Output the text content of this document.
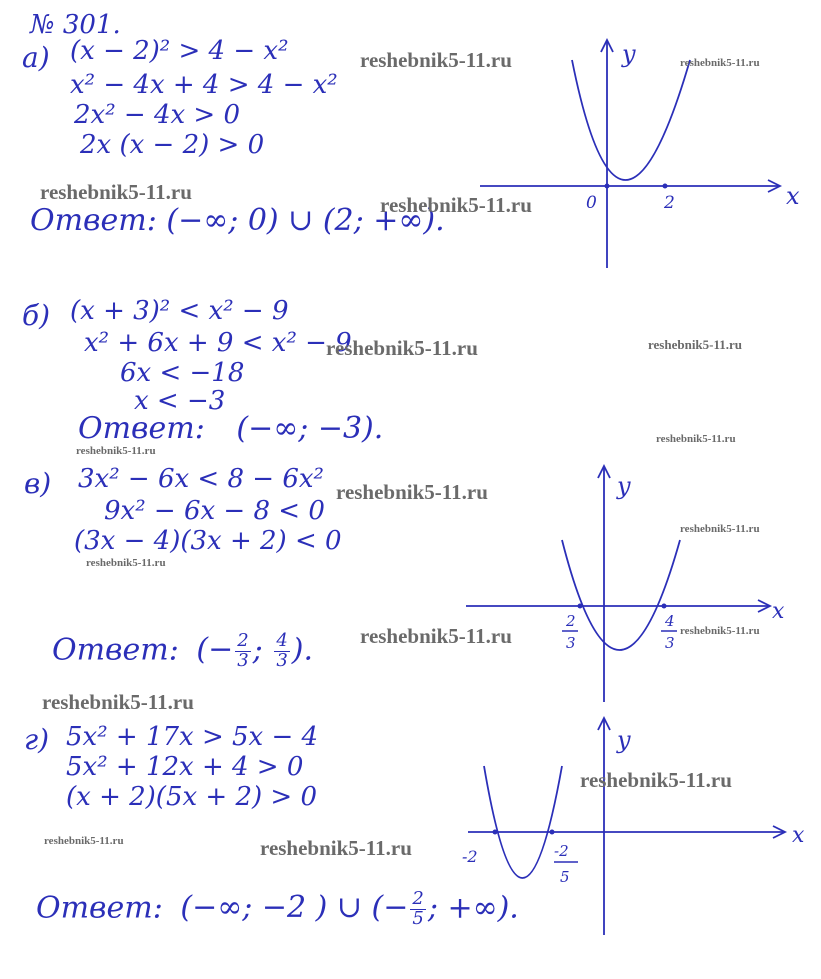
№ 301.
а) (x − 2)² > 4 − x²
x² − 4x + 4 > 4 − x²
2x² − 4x > 0
2x (x − 2) > 0
Ответ: (−∞; 0) ∪ (2; +∞).
y
x
0	2
б) (x + 3)² < x² − 9
x² + 6x + 9 < x² − 9
6x < −18
x < −3
Ответ: (−∞; −3).
в) 3x² − 6x < 8 − 6x²
9x² − 6x − 8 < 0
(3x − 4)(3x + 2) < 0
Ответ: (− $\frac{2}{3}$ ; $\frac{4}{3}$ ).
y
x
2
3
4
3
г) 5x² + 17x > 5x − 4
5x² + 12x + 4 > 0
(x + 2)(5x + 2) > 0
Ответ: (−∞; −2 ) ∪ (− $\frac{2}{5}$ ; +∞).
y
x
-2	-2
5
reshebnik5-11.ru	reshebnik5-11.ru
reshebnik5-11.ru
reshebnik5-11.ru
reshebnik5-11.ru	reshebnik5-11.ru
reshebnik5-11.ru
reshebnik5-11.ru
reshebnik5-11.ru
reshebnik5-11.ru
reshebnik5-11.ru
reshebnik5-11.ru	reshebnik5-11.ru
reshebnik5-11.ru
reshebnik5-11.ru
reshebnik5-11.ru	reshebnik5-11.ru
